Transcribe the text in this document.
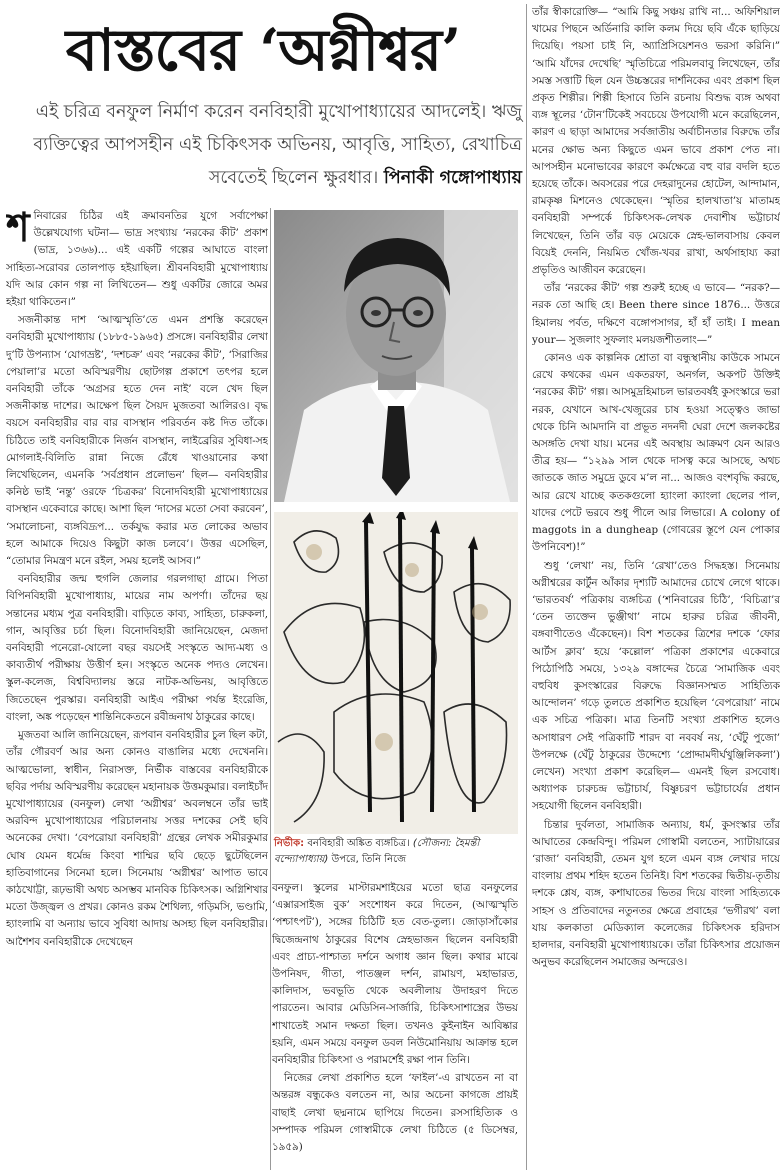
বাস্তবের ‘অগ্নীশ্বর’

এই চরিত্র বনফুল নির্মাণ করেন বনবিহারী মুখোপাধ্যায়ের আদলেই। ঋজু ব্যক্তিত্বের আপসহীন এই চিকিৎসক অভিনয়, আবৃত্তি, সাহিত্য, রেখাচিত্র সবেতেই ছিলেন ক্ষুরধার। পিনাকী গঙ্গোপাধ্যায়

নির্ভীক: বনবিহারী অঙ্কিত ব্যঙ্গচিত্র। (সৌজন্য: হৈমন্তী বন্দ্যোপাধ্যায়) উপরে, তিনি নিজে

শনিবারের চিঠির এই ক্রমাবনতির যুগে সর্বাপেক্ষা উল্লেখযোগ্য ঘটনা— ভাদ্র সংখ্যায় ‘নরকের কীট’ প্রকাশ (ভাদ্র, ১৩৬৬)... এই একটি গল্পের আঘাতে বাংলা সাহিত্য-সরোবর তোলপাড় হইয়াছিল। শ্রীবনবিহারী মুখোপাধ্যায় যদি আর কোন গল্প না লিখিতেন— শুধু একটির জোরে অমর হইয়া থাকিতেন।”

সজনীকান্ত দাশ ‘আত্মস্মৃতি’তে এমন প্রশস্তি করেছেন বনবিহারী মুখোপাধ্যায় (১৮৮৫-১৯৬৫) প্রসঙ্গে। বনবিহারীর লেখা দু’টি উপন্যাস ‘যোগভ্রষ্ট’, ‘দশচক্র’ এবং ‘নরকের কীট’, ‘সিরাজির পেয়ালা’র মতো অবিস্মরণীয় ছোটগল্প প্রকাশে তৎপর হলে বনবিহারী তাঁকে ‘অগ্রসর হতে দেন নাই’ বলে খেদ ছিল সজনীকান্ত দাশের। আক্ষেপ ছিল সৈয়দ মুজতবা আলিরও। বৃদ্ধ বয়সে বনবিহারীর বার বার বাসস্থান পরিবর্তন কষ্ট দিত তাঁকে। চিঠিতে তাই বনবিহারীকে নির্জন বাসস্থান, লাইব্রেরির সুবিধা-সহ মোগলাই-বিলিতি রান্না নিজে রেঁধে খাওয়ানোর কথা লিখেছিলেন, এমনকি ‘সর্বপ্রধান প্রলোভন’ ছিল— বনবিহারীর কনিষ্ঠ ভাই ‘নন্তু’ ওরফে ‘চিত্রকর’ বিনোদবিহারী মুখোপাধ্যায়ের বাসস্থান একেবারে কাছে। আশা ছিল ‘দাসের মতো সেবা করবেন’, ‘সমালোচনা, ব্যঙ্গবিদ্রূপ... তর্কযুদ্ধ করার মত লোকের অভাব হলে আমাকে দিয়েও কিছুটা কাজ চলবে’। উত্তর এসেছিল, “তোমার নিমন্ত্রণ মনে রইল, সময় হলেই আসব।”

বনবিহারীর জন্ম হুগলি জেলার গরলগাছা গ্রামে। পিতা বিপিনবিহারী মুখোপাধ্যায়, মায়ের নাম অপর্ণা। তাঁদের ছয় সন্তানের মধ্যম পুত্র বনবিহারী। বাড়িতে কাব্য, সাহিত্য, চারুকলা, গান, আবৃত্তির চর্চা ছিল। বিনোদবিহারী জানিয়েছেন, মেজদা বনবিহারী পনেরো-ষোলো বছর বয়সেই সংস্কৃতে আদ্য-মধ্য ও কাব্যতীর্থ পরীক্ষায় উত্তীর্ণ হন। সংস্কৃতে অনেক পদ্যও লেখেন। স্কুল-কলেজ, বিশ্ববিদ্যালয় স্তরে নাটক-অভিনয়, আবৃত্তিতে জিতেছেন পুরস্কার। বনবিহারী আইএ পরীক্ষা পর্যন্ত ইংরেজি, বাংলা, অঙ্ক পড়েছেন শান্তিনিকেতনে রবীন্দ্রনাথ ঠাকুরের কাছে।

মুজতবা আলি জানিয়েছেন, রূপবান বনবিহারীর চুল ছিল কটা, তাঁর গৌরবর্ণ আর অন্য কোনও বাঙালির মধ্যে দেখেননি। আত্মভোলা, স্বাধীন, নিরাসক্ত, নির্ভীক বাস্তবের বনবিহারীকে ছবির পর্দায় অবিস্মরণীয় করেছেন মহানায়ক উত্তমকুমার। বলাইচাঁদ মুখোপাধ্যায়ের (বনফুল) লেখা ‘অগ্নীশ্বর’ অবলম্বনে তাঁর ভাই অরবিন্দ মুখোপাধ্যায়ের পরিচালনায় সত্তর দশকের সেই ছবি অনেকের দেখা। ‘বেপরোয়া বনবিহারী’ গ্রন্থের লেখক সমীরকুমার ঘোষ যেমন ধর্মেন্দ্র কিংবা শাম্মির ছবি ছেড়ে ছুটেছিলেন হাতিবাগানের সিনেমা হলে। সিনেমায় ‘অগ্নীশ্বর’ আপাত ভাবে কাঠখোট্টা, রূঢ়ভাষী অথচ অসম্ভব মানবিক চিকিৎসক। অগ্নিশিখার মতো উজ্জ্বল ও প্রখর। কোনও রকম শৈথিল্য, গড়িমসি, ভণ্ডামি, হ্যাংলামি বা অন্যায় ভাবে সুবিধা আদায় অসহ্য ছিল বনবিহারীর। আশৈশব বনবিহারীকে দেখেছেন

বনফুল। স্কুলের মাস্টারমশাইয়ের মতো ছাত্র বনফুলের ‘এক্সারসাইজ বুক’ সংশোধন করে দিতেন, (আত্মস্মৃতি ‘পশ্চাৎপট’), সঙ্গের চিঠিটি হত বেত-তুল্য। জোড়াসাঁকোর দ্বিজেন্দ্রনাথ ঠাকুরের বিশেষ স্নেহভাজন ছিলেন বনবিহারী এবং প্রাচ্য-পাশ্চাত্য দর্শনে অগাধ জ্ঞান ছিল। কথার মাঝে উপনিষদ, গীতা, পাতঞ্জল দর্শন, রামায়ণ, মহাভারত, কালিদাস, ভবভূতি থেকে অবলীলায় উদাহরণ দিতে পারতেন। আবার মেডিসিন-সার্জারি, চিকিৎসাশাস্ত্রের উভয় শাখাতেই সমান দক্ষতা ছিল। তখনও কুইনাইন আবিষ্কার হয়নি, এমন সময়ে বনফুল ডবল নিউমোনিয়ায় আক্রান্ত হলে বনবিহারীর চিকিৎসা ও পরামর্শেই রক্ষা পান তিনি।

নিজের লেখা প্রকাশিত হলে ‘ফাইল’-এ রাখতেন না বা অন্তরঙ্গ বন্ধুকেও বলতেন না, আর অচেনা কাগজে প্রায়ই বাছাই লেখা ছদ্মনামে ছাপিয়ে দিতেন। রসসাহিত্যিক ও সম্পাদক পরিমল গোস্বামীকে লেখা চিঠিতে (৫ ডিসেম্বর, ১৯৫৯)

তাঁর স্বীকারোক্তি— “আমি কিছু সঞ্চয় রাখি না... অফিশিয়াল খামের পিছনে অর্ডিনারি কালি কলম দিয়ে ছবি এঁকে ছাড়িয়ে দিয়েছি। পয়সা চাই নি, অ্যাপ্রিসিয়েশনও ভরসা করিনি।” ‘আমি যাঁদের দেখেছি’ স্মৃতিচিত্রে পরিমলবাবু লিখেছেন, তাঁর সমস্ত সত্তাটি ছিল যেন উচ্চস্তরের দার্শনিকের এবং প্রকাশ ছিল প্রকৃত শিল্পীর। শিল্পী হিসাবে তিনি রচনায় বিশুদ্ধ ব্যঙ্গ অথবা ব্যঙ্গ স্থূলের ‘টোন’টিকেই সবচেয়ে উপযোগী মনে করেছিলেন, কারণ এ ছাড়া আমাদের সর্বজাতীয় অর্বাচীনতার বিরুদ্ধে তাঁর মনের ক্ষোভ অন্য কিছুতে এমন ভাবে প্রকাশ পেত না। আপসহীন মনোভাবের কারণে কর্মক্ষেত্রে বহু বার বদলি হতে হয়েছে তাঁকে। অবসরের পরে দেহরাদুনের হোটেল, আন্দামান, রামকৃষ্ণ মিশনেও থেকেছেন। ‘স্মৃতির হালখাতা’য় মাতামহ বনবিহারী সম্পর্কে চিকিৎসক-লেখক দেবাশীষ ভট্টাচার্য লিখেছেন, তিনি তাঁর বড় মেয়েকে স্নেহ-ভালবাসায় কেবল বিয়েই দেননি, নিয়মিত খোঁজ-খবর রাখা, অর্থসাহায্য করা প্রভৃতিও আজীবন করেছেন।

তাঁর ‘নরকের কীট’ গল্প শুরুই হচ্ছে এ ভাবে— “নরক?— নরক তো আছি হে। Been there since 1876... উত্তরে হিমালয় পর্বত, দক্ষিণে বঙ্গোপসাগর, হাঁ হাঁ তাই। I mean your— সুজলাং সুফলাং মলয়জশীতলাং—”

কোনও এক কাল্পনিক শ্রোতা বা বন্ধুস্থানীয় কাউকে সামনে রেখে কথকের এমন একতরফা, অনর্গল, অকপট উক্তিই ‘নরকের কীট’ গল্প। আসমুদ্রহিমাচল ভারতবর্ষই কুসংস্কারে ভরা নরক, যেখানে আখ-খেজুরের চাষ হওয়া সত্ত্বেও জাভা থেকে চিনি আমদানি বা প্রভূত নদনদী ঘেরা দেশে জলকষ্টের অসঙ্গতি দেখা যায়। মনের এই অবস্থায় আক্রমণ যেন আরও তীব্র হয়— “১২৯৯ সাল থেকে দাসত্ব করে আসছে, অথচ জাতকে জাত সমুদ্রে ডুবে ম’ল না... আজও বংশবৃদ্ধি করছে, আর রেখে যাচ্ছে কতকগুলো হ্যাংলা ক্যাংলা ছেলের পাল, যাদের পেটে ভরবে শুধু পীলে আর লিভারে। A colony of maggots in a dungheap (গোবরের স্তূপে যেন পোকার উপনিবেশ)!”

শুধু ‘লেখা’ নয়, তিনি ‘রেখা’তেও সিদ্ধহস্ত। সিনেমায় অগ্নীশ্বরের কার্টুন আঁকার দৃশ্যটি আমাদের চোখে লেগে থাকে। ‘ভারতবর্ষ’ পত্রিকায় ব্যঙ্গচিত্র (‘শনিবারের চিঠি’, ‘বিচিত্রা’র ‘তেন ত্যক্তেন ভুঞ্জীথা’ নামে হারুর চরিত্র জীবনী, বঙ্গবাণীতেও এঁকেছেন)। বিশ শতকের ত্রিশের দশকে ‘ফোর আর্টস ক্লাব’ হয়ে ‘কল্লোল’ পত্রিকা প্রকাশের একেবারে পিঠোপিঠি সময়ে, ১৩২৯ বঙ্গাব্দের চৈত্রে ‘সামাজিক এবং বহুবিধ কুসংস্কারের বিরুদ্ধে বিজ্ঞানসম্মত সাহিত্যিক আন্দোলন’ গড়ে তুলতে প্রকাশিত হয়েছিল ‘বেপরোয়া’ নামে এক সচিত্র পত্রিকা। মাত্র তিনটি সংখ্যা প্রকাশিত হলেও অসাধারণ সেই পত্রিকাটি শারদ বা নববর্ষ নয়, ‘ঘেঁটু পুজো’ উপলক্ষে (ঘেঁটু ঠাকুরের উদ্দেশ্যে ‘প্রোদ্দামদীর্ঘখুঞ্জিলিকলা’) লেখেন) সংখ্যা প্রকাশ করেছিল— এমনই ছিল রসবোধ। অধ্যাপক চারুচন্দ্র ভট্টাচার্য, বিষ্ণুচরণ ভট্টাচার্যের প্রধান সহযোগী ছিলেন বনবিহারী।

চিন্তার দুর্বলতা, সামাজিক অন্যায়, ধর্ম, কুসংস্কার তাঁর আঘাতের কেন্দ্রবিন্দু। পরিমল গোস্বামী বলতেন, স্যাটায়ারের ‘রাজা’ বনবিহারী, তেমন যুগ হলে এমন ব্যঙ্গ লেখার দায়ে বাংলায় প্রথম শহিদ হতেন তিনিই। বিশ শতকের দ্বিতীয়-তৃতীয় দশকে শ্লেষ, ব্যঙ্গ, কশাঘাতের ভিতর দিয়ে বাংলা সাহিত্যকে সাহস ও প্রতিবাদের নতুনতর ক্ষেত্রে প্রবাহের ‘ভগীরথ’ বলা যায় কলকাতা মেডিক্যাল কলেজের চিকিৎসক হরিদাস হালদার, বনবিহারী মুখোপাধ্যায়কে। তাঁরা চিকিৎসার প্রয়োজন অনুভব করেছিলেন সমাজের অন্দরেও।
